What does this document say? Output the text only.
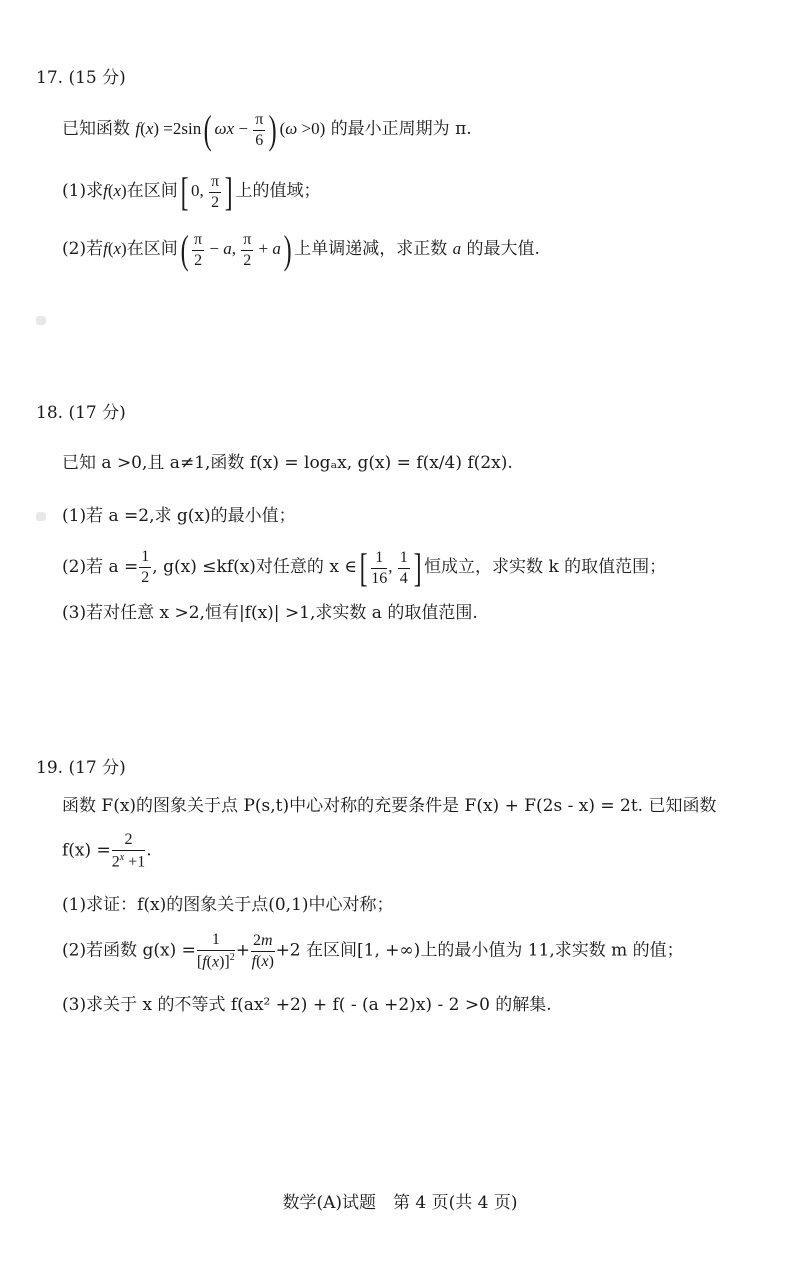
17. (15 分)
已知函数 f(x) =2sin( $\omega x - \frac{\pi}{6}$ ) (ω >0) 的最小正周期为 π.
(1)求f(x)在区间[ 0, $\frac{\pi}{2}$ ] 上的值域；
(2)若f(x)在区间( $\frac{\pi}{2} - a$, $\frac{\pi}{2} + a$) 上单调递减，求正数 a 的最大值.
18. (17 分)
已知 a >0,且 a≠1,函数 f(x) = logₐx, g(x) = f(x/4) f(2x).
(1)若 a =2,求 g(x)的最小值；
(2)若 $a = \frac{1}{2}$ , g(x) ≤kf(x)对任意的 x ∈[ $\frac{1}{16}$ , $\frac{1}{4}$ ] 恒成立，求实数 k 的取值范围；
(3)若对任意 x >2,恒有|f(x)| >1,求实数 a 的取值范围.
19. (17 分)
函数 F(x)的图象关于点 P(s,t)中心对称的充要条件是 F(x) + F(2s - x) = 2t. 已知函数
$f(x) = \frac{2}{2^x +1}$ .
(1)求证：f(x)的图象关于点(0,1)中心对称；
(2)若函数 $g(x) = \frac{1}{[f(x)]^2} + \frac{2m}{f(x)} +2$ 在区间[1, +∞)上的最小值为 11,求实数 m 的值；
(3)求关于 x 的不等式 f(ax² +2) + f( - (a +2)x) - 2 >0 的解集.
数学(A)试题　第 4 页(共 4 页)
